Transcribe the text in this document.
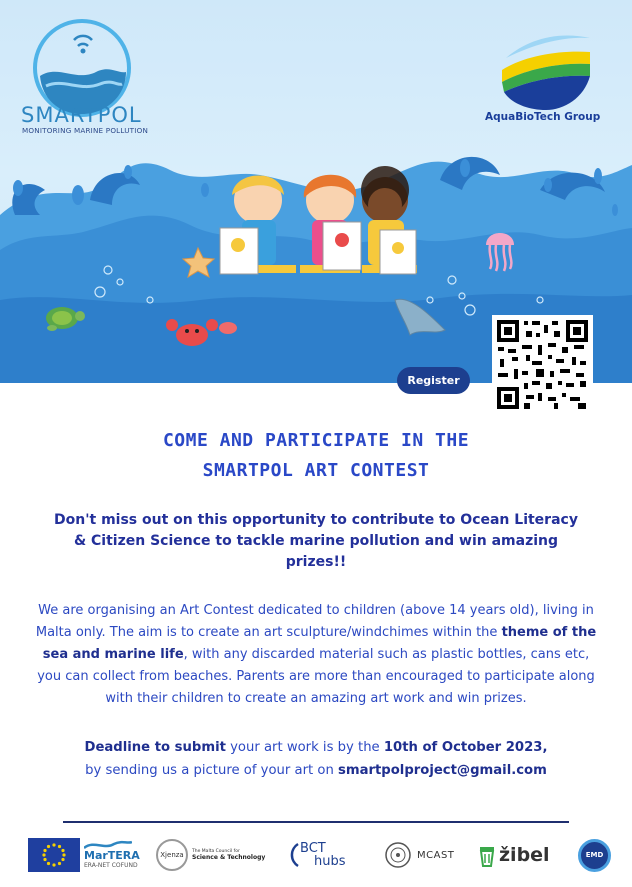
SMARTPOL
MONITORING MARINE POLLUTION
AquaBioTech Group
Register
COME AND PARTICIPATE IN THE
SMARTPOL ART CONTEST
Don't miss out on this opportunity to contribute to Ocean Literacy & Citizen Science to tackle marine pollution and win amazing prizes!!
We are organising an Art Contest dedicated to children (above 14 years old), living in Malta only. The aim is to create an art sculpture/windchimes within the theme of the sea and marine life, with any discarded material such as plastic bottles, cans etc, you can collect from beaches. Parents are more than encouraged to participate along with their children to create an amazing art work and win prizes.
Deadline to submit your art work is by the 10th of October 2023,
by sending us a picture of your art on smartpolproject@gmail.com
MarTERA
ERA-NET COFUND
Xjenza The Malta Council for
Science & Technology
BCT
hubs	MCAST žibel	EMD
